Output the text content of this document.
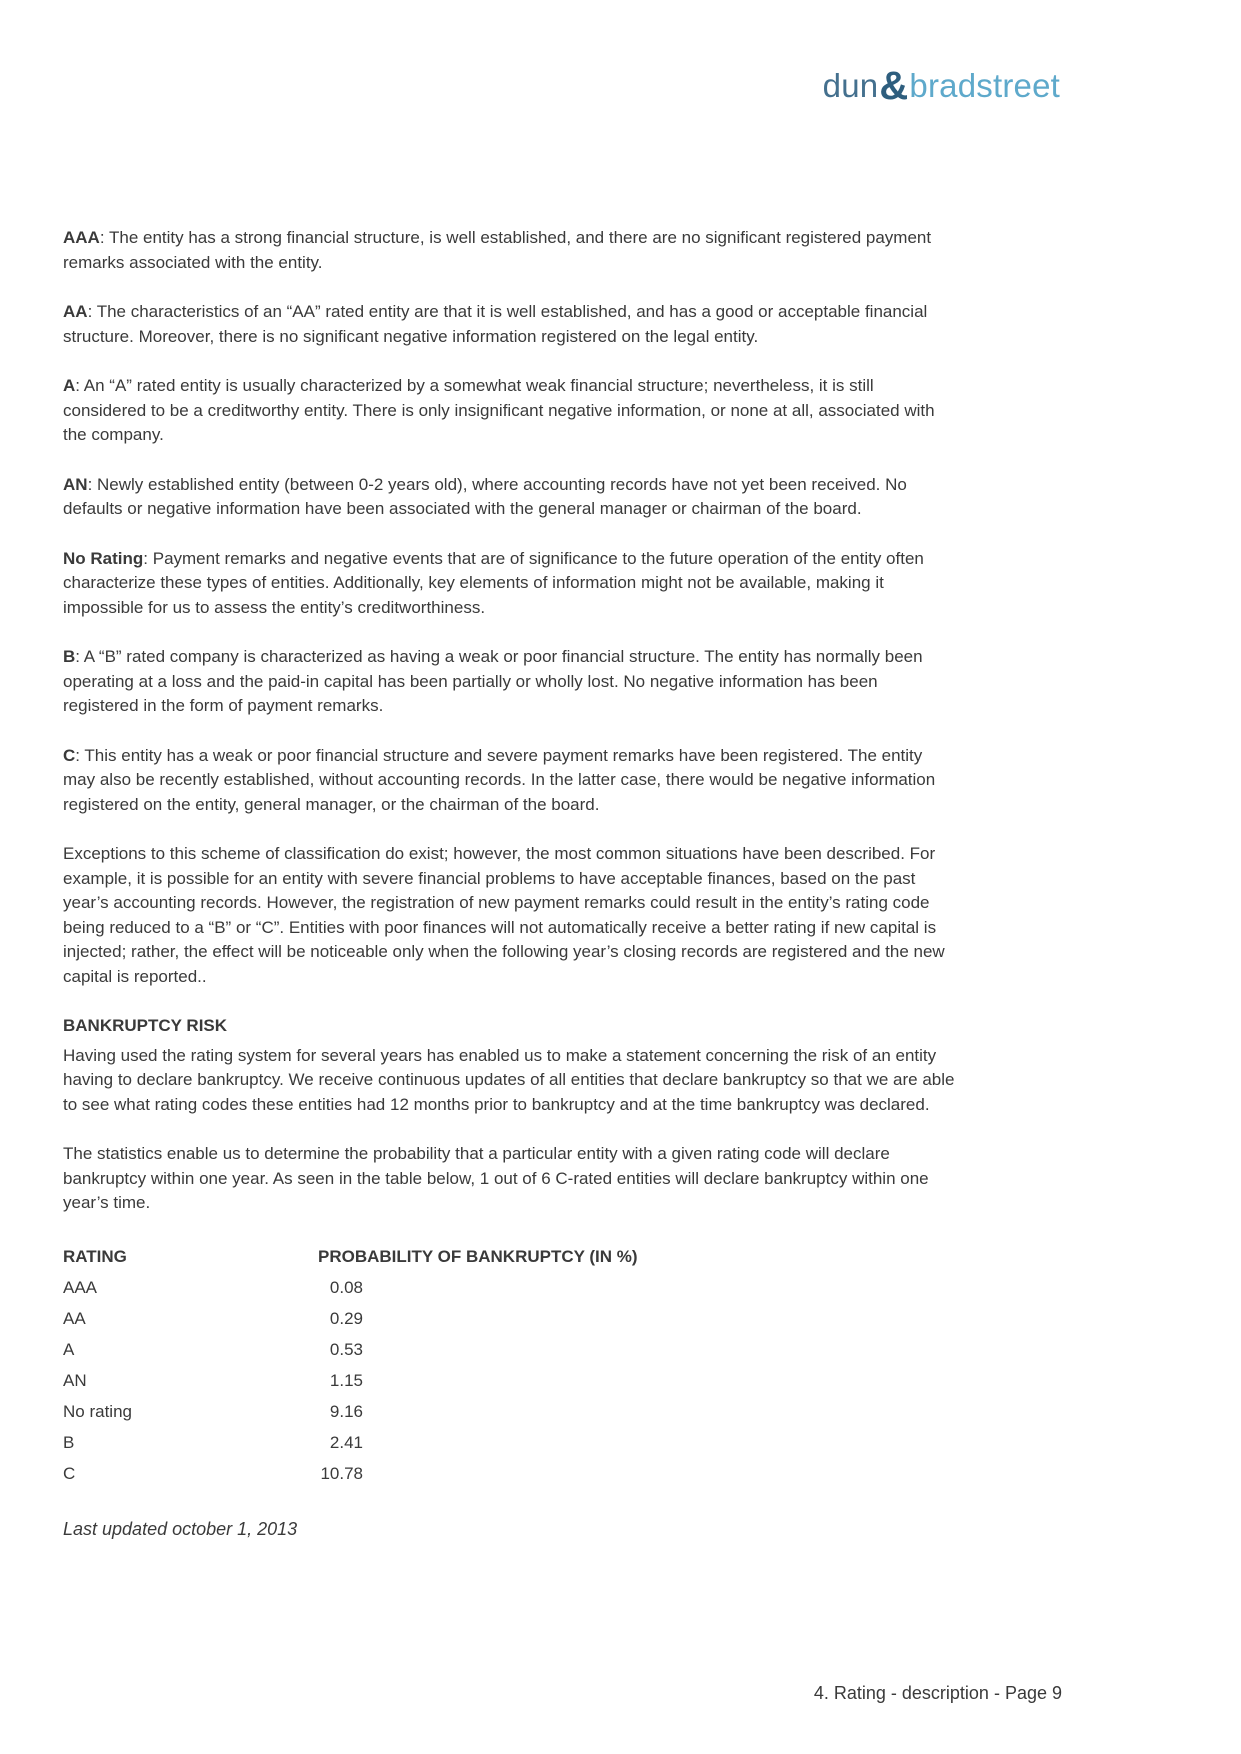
dun&bradstreet

AAA: The entity has a strong financial structure, is well established, and there are no significant registered payment remarks associated with the entity.

AA: The characteristics of an “AA” rated entity are that it is well established, and has a good or acceptable financial structure. Moreover, there is no significant negative information registered on the legal entity.

A: An “A” rated entity is usually characterized by a somewhat weak financial structure; nevertheless, it is still considered to be a creditworthy entity. There is only insignificant negative information, or none at all, associated with the company.

AN: Newly established entity (between 0-2 years old), where accounting records have not yet been received. No defaults or negative information have been associated with the general manager or chairman of the board.

No Rating: Payment remarks and negative events that are of significance to the future operation of the entity often characterize these types of entities. Additionally, key elements of information might not be available, making it impossible for us to assess the entity’s creditworthiness.

B: A “B” rated company is characterized as having a weak or poor financial structure. The entity has normally been operating at a loss and the paid-in capital has been partially or wholly lost. No negative information has been registered in the form of payment remarks.

C: This entity has a weak or poor financial structure and severe payment remarks have been registered. The entity may also be recently established, without accounting records. In the latter case, there would be negative information registered on the entity, general manager, or the chairman of the board.

Exceptions to this scheme of classification do exist; however, the most common situations have been described. For example, it is possible for an entity with severe financial problems to have acceptable finances, based on the past year’s accounting records. However, the registration of new payment remarks could result in the entity’s rating code being reduced to a “B” or “C”. Entities with poor finances will not automatically receive a better rating if new capital is injected; rather, the effect will be noticeable only when the following year’s closing records are registered and the new capital is reported..

BANKRUPTCY RISK

Having used the rating system for several years has enabled us to make a statement concerning the risk of an entity having to declare bankruptcy. We receive continuous updates of all entities that declare bankruptcy so that we are able to see what rating codes these entities had 12 months prior to bankruptcy and at the time bankruptcy was declared.

The statistics enable us to determine the probability that a particular entity with a given rating code will declare bankruptcy within one year. As seen in the table below, 1 out of 6 C-rated entities will declare bankruptcy within one year’s time.

RATING	PROBABILITY OF BANKRUPTCY (IN %)
AAA	0.08
AA	0.29
A	0.53
AN	1.15
No rating	9.16
B	2.41
C	10.78

Last updated october 1, 2013

4. Rating - description - Page 9
